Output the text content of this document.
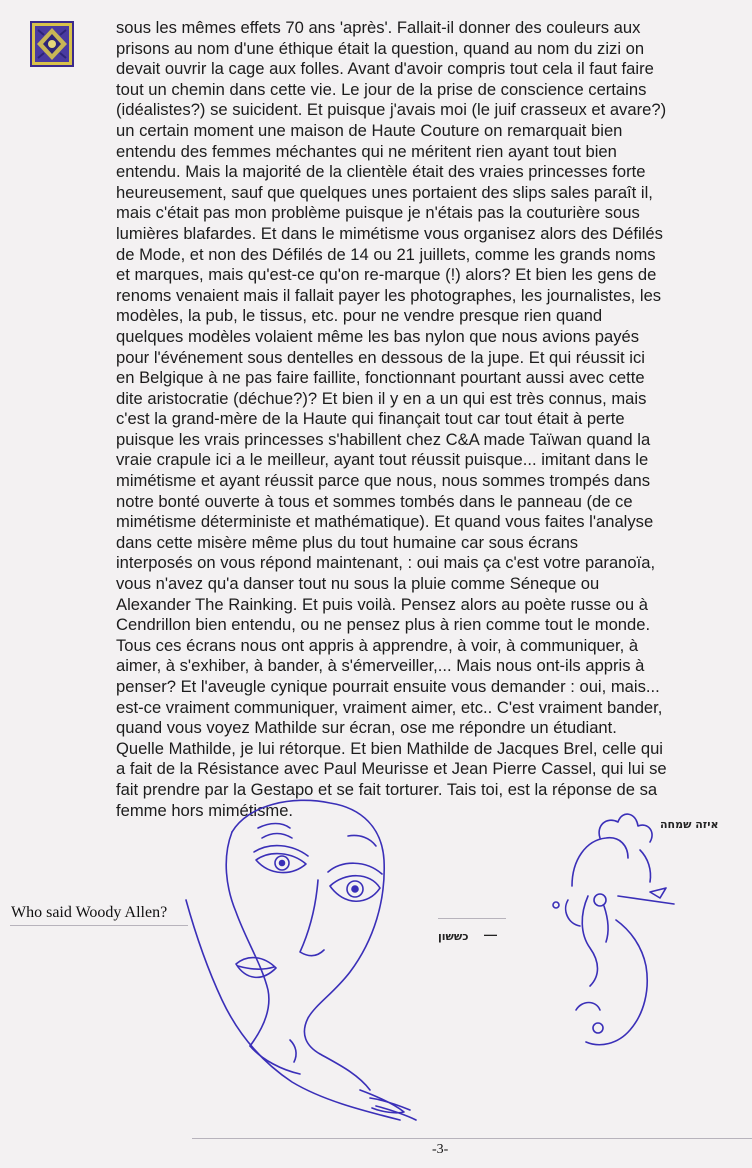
sous les mêmes effets 70 ans 'après'. Fallait-il donner des couleurs aux
prisons au nom d'une éthique était la question, quand au nom du zizi on
devait ouvrir la cage aux folles. Avant d'avoir compris tout cela il faut faire
tout un chemin dans cette vie. Le jour de la prise de conscience certains
(idéalistes?) se suicident. Et puisque j'avais moi (le juif crasseux et avare?)
un certain moment une maison de Haute Couture on remarquait bien
entendu des femmes méchantes qui ne méritent rien ayant tout bien
entendu. Mais la majorité de la clientèle était des vraies princesses forte
heureusement, sauf que quelques unes portaient des slips sales paraît il,
mais c'était pas mon problème puisque je n'étais pas la couturière sous
lumières blafardes. Et dans le mimétisme vous organisez alors des Défilés
de Mode, et non des Défilés de 14 ou 21 juillets, comme les grands noms
et marques, mais qu'est-ce qu'on re-marque (!) alors? Et bien les gens de
renoms venaient mais il fallait payer les photographes, les journalistes, les
modèles, la pub, le tissus, etc. pour ne vendre presque rien quand
quelques modèles volaient même les bas nylon que nous avions payés
pour l'événement sous dentelles en dessous de la jupe. Et qui réussit ici
en Belgique à ne pas faire faillite, fonctionnant pourtant aussi avec cette
dite aristocratie (déchue?)? Et bien il y en a un qui est très connus, mais
c'est la grand-mère de la Haute qui finançait tout car tout était à perte
puisque les vrais princesses s'habillent chez C&A made Taïwan quand la
vraie crapule ici a le meilleur, ayant tout réussit puisque... imitant dans le
mimétisme et ayant réussit parce que nous, nous sommes trompés dans
notre bonté ouverte à tous et sommes tombés dans le panneau (de ce
mimétisme déterministe et mathématique). Et quand vous faites l'analyse
dans cette misère même plus du tout humaine car sous écrans
interposés on vous répond maintenant, : oui mais ça c'est votre paranoïa,
vous n'avez qu'a danser tout nu sous la pluie comme Séneque ou
Alexander The Rainking. Et puis voilà. Pensez alors au poète russe ou à
Cendrillon bien entendu, ou ne pensez plus à rien comme tout le monde.
Tous ces écrans nous ont appris à apprendre, à voir, à communiquer, à
aimer, à s'exhiber, à bander, à s'émerveiller,... Mais nous ont-ils appris à
penser? Et l'aveugle cynique pourrait ensuite vous demander : oui, mais...
est-ce vraiment communiquer, vraiment aimer, etc.. C'est vraiment bander,
quand vous voyez Mathilde sur écran, ose me répondre un étudiant.
Quelle Mathilde, je lui rétorque. Et bien Mathilde de Jacques Brel, celle qui
a fait de la Résistance avec Paul Meurisse et Jean Pierre Cassel, qui lui se
fait prendre par la Gestapo et se fait torturer. Tais toi, est la réponse de sa
femme hors mimétisme.
Who said Woody Allen?
איזה שמחה
—
כששון
-3-
